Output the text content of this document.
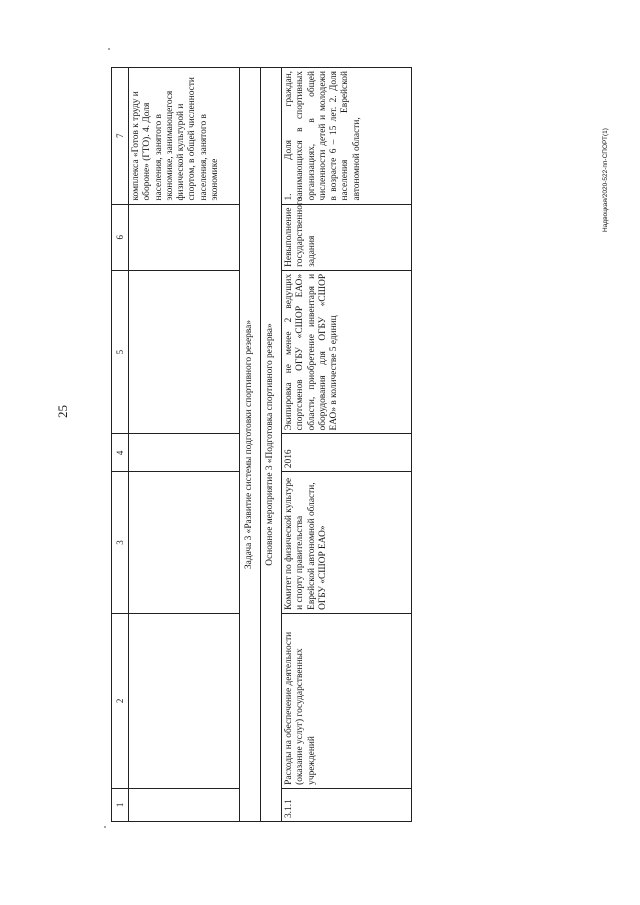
25
1	2	3	4	5	6	7
						комплекса «Готов к труду и обороне» (ГТО). 4. Доля населения, занятого в экономике, занимающегося физической культурой и спортом, в общей численности населения, занятого в экономике
Задача 3 «Развитие системы подготовки спортивного резерва»						
Основное мероприятие 3 «Подготовка спортивного резерва»						
3.1.1	Расходы на обеспечение деятельности (оказание услуг) государственных учреждений	Комитет по физической культуре и спорту правительства Еврейской автономной области, ОГБУ «СШОР ЕАО»	2016	Экипировка не менее 2 ведущих спортсменов ОГБУ «СШОР ЕАО» области, приобретение инвентаря и оборудования для ОГБУ «СШОР ЕАО» в количестве 5 единиц	Невыполнение государственного задания	1. Доля граждан, занимающихся в спортивных организациях, в общей численности детей и молодежи в возрасте 6 – 15 лет. 2. Доля населения Еврейской автономной области,	Надвоцкая/2020-522-пп-СПОРТ(1)
